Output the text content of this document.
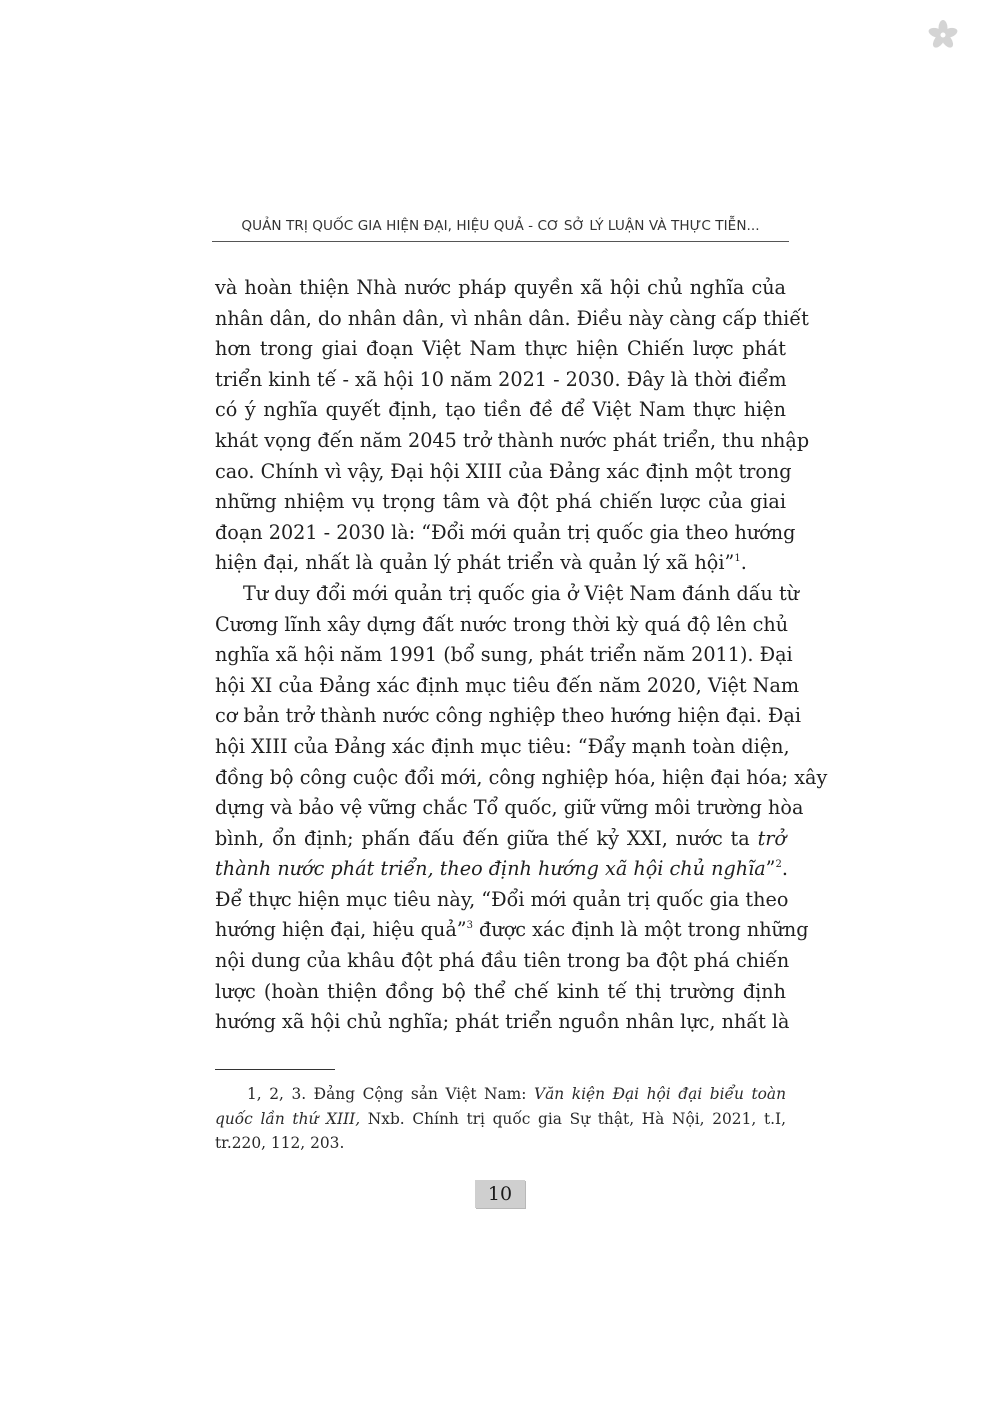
QUẢN TRỊ QUỐC GIA HIỆN ĐẠI, HIỆU QUẢ - CƠ SỞ LÝ LUẬN VÀ THỰC TIỄN...

và hoàn thiện Nhà nước pháp quyền xã hội chủ nghĩa của
nhân dân, do nhân dân, vì nhân dân. Điều này càng cấp thiết
hơn trong giai đoạn Việt Nam thực hiện Chiến lược phát
triển kinh tế - xã hội 10 năm 2021 - 2030. Đây là thời điểm
có ý nghĩa quyết định, tạo tiền đề để Việt Nam thực hiện
khát vọng đến năm 2045 trở thành nước phát triển, thu nhập
cao. Chính vì vậy, Đại hội XIII của Đảng xác định một trong
những nhiệm vụ trọng tâm và đột phá chiến lược của giai
đoạn 2021 - 2030 là: “Đổi mới quản trị quốc gia theo hướng
hiện đại, nhất là quản lý phát triển và quản lý xã hội”$^1$.

Tư duy đổi mới quản trị quốc gia ở Việt Nam đánh dấu từ
Cương lĩnh xây dựng đất nước trong thời kỳ quá độ lên chủ
nghĩa xã hội năm 1991 (bổ sung, phát triển năm 2011). Đại
hội XI của Đảng xác định mục tiêu đến năm 2020, Việt Nam
cơ bản trở thành nước công nghiệp theo hướng hiện đại. Đại
hội XIII của Đảng xác định mục tiêu: “Đẩy mạnh toàn diện,
đồng bộ công cuộc đổi mới, công nghiệp hóa, hiện đại hóa; xây
dựng và bảo vệ vững chắc Tổ quốc, giữ vững môi trường hòa
bình, ổn định; phấn đấu đến giữa thế kỷ XXI, nước ta trở
thành nước phát triển, theo định hướng xã hội chủ nghĩa”$^2$.
Để thực hiện mục tiêu này, “Đổi mới quản trị quốc gia theo
hướng hiện đại, hiệu quả”$^3$ được xác định là một trong những
nội dung của khâu đột phá đầu tiên trong ba đột phá chiến
lược (hoàn thiện đồng bộ thể chế kinh tế thị trường định
hướng xã hội chủ nghĩa; phát triển nguồn nhân lực, nhất là

1, 2, 3. Đảng Cộng sản Việt Nam: Văn kiện Đại hội đại biểu toàn
quốc lần thứ XIII, Nxb. Chính trị quốc gia Sự thật, Hà Nội, 2021, t.I,
tr.220, 112, 203.
10
